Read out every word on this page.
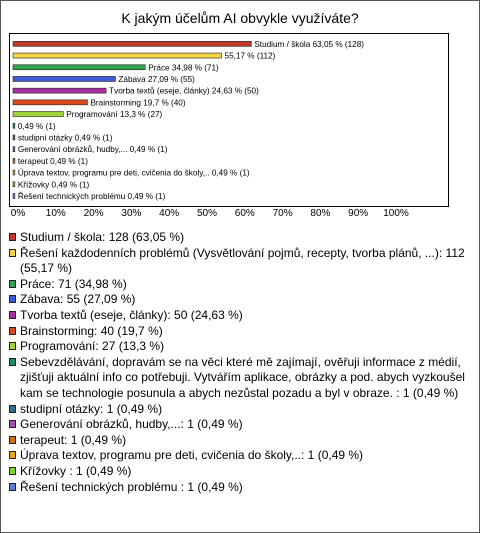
K jakým účelům AI obvykle využíváte?
Studium / škola 63,05 % (128)
55,17 % (112)
Práce 34,98 % (71)
Zábava 27,09 % (55)
Tvorba textů (eseje, články) 24,63 % (50)
Brainstorming 19,7 % (40)
Programování 13,3 % (27)
0,49 % (1)
studipní otázky 0,49 % (1)
Generování obrázků, hudby,... 0,49 % (1)
terapeut 0,49 % (1)
Úprava textov, programu pre deti, cvičenia do školy,.. 0,49 % (1)
Křížovky 0,49 % (1)
Řešení technických problému 0,49 % (1)
0% 10% 20% 30% 40% 50% 60% 70% 80% 90% 100%
Studium / škola: 128 (63,05 %)
Řešení každodenních problémů (Vysvětlování pojmů, recepty, tvorba plánů, ...): 112 (55,17 %)
Práce: 71 (34,98 %)
Zábava: 55 (27,09 %)
Tvorba textů (eseje, články): 50 (24,63 %)
Brainstorming: 40 (19,7 %)
Programování: 27 (13,3 %)
Sebevzdělávání, dopravám se na věci které mě zajímají, ověřuji informace z médií, zjišťuji aktuální info co potřebuji. Vytvářím aplikace, obrázky a pod. abych vyzkoušel kam se technologie posunula a abych nezůstal pozadu a byl v obraze. : 1 (0,49 %)
studipní otázky: 1 (0,49 %)
Generování obrázků, hudby,...: 1 (0,49 %)
terapeut: 1 (0,49 %)
Úprava textov, programu pre deti, cvičenia do školy,..: 1 (0,49 %)
Křížovky : 1 (0,49 %)
Řešení technických problému : 1 (0,49 %)
